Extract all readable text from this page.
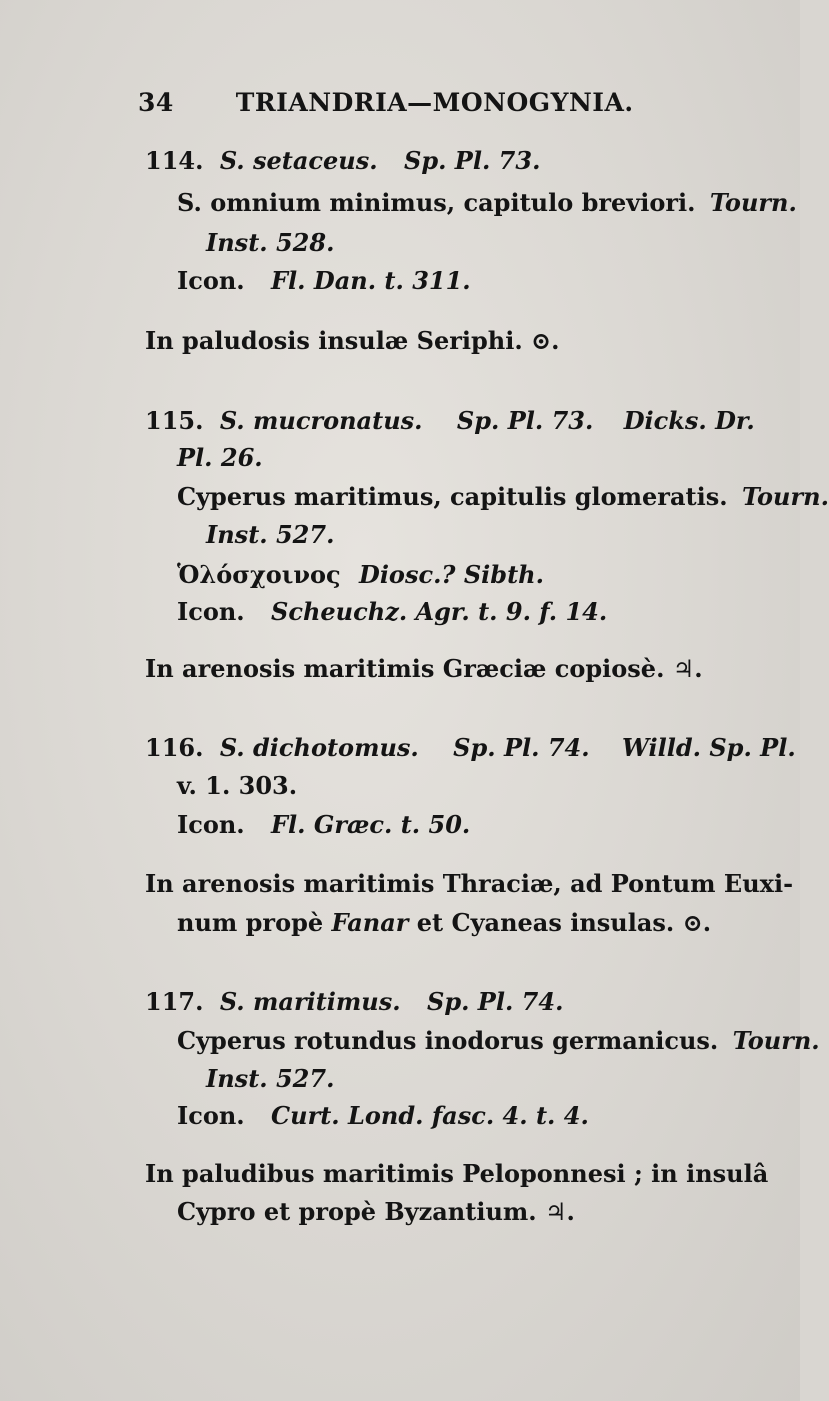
34 TRIANDRIA—MONOGYNIA.
114. S. setaceus. Sp. Pl. 73.
S. omnium minimus, capitulo breviori. Tourn.
Inst. 528.
Icon. Fl. Dan. t. 311.
In paludosis insulæ Seriphi. ⊙.
115. S. mucronatus. Sp. Pl. 73. Dicks. Dr.
Pl. 26.
Cyperus maritimus, capitulis glomeratis. Tourn.
Inst. 527.
Ὁλόσχοινος Diosc.? Sibth.
Icon. Scheuchz. Agr. t. 9. f. 14.
In arenosis maritimis Græciæ copiosè. ♃.
116. S. dichotomus. Sp. Pl. 74. Willd. Sp. Pl.
v. 1. 303.
Icon. Fl. Græc. t. 50.
In arenosis maritimis Thraciæ, ad Pontum Euxi-
num propè Fanar et Cyaneas insulas. ⊙.
117. S. maritimus. Sp. Pl. 74.
Cyperus rotundus inodorus germanicus. Tourn.
Inst. 527.
Icon. Curt. Lond. fasc. 4. t. 4.
In paludibus maritimis Peloponnesi ; in insulâ
Cypro et propè Byzantium. ♃.
